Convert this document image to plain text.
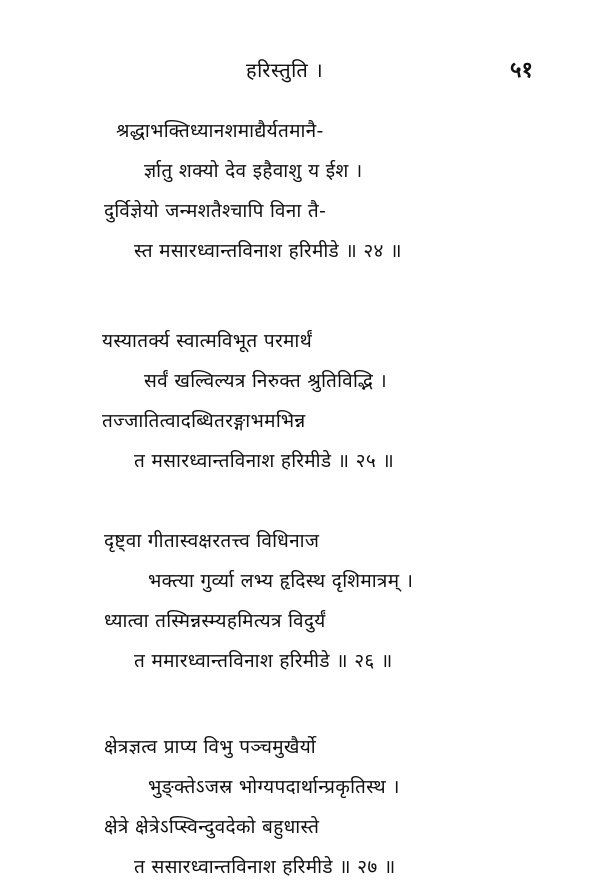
हरिस्तुति ।	५१
श्रद्धाभक्तिध्यानशमाद्यैर्यतमानै-
र्ज्ञातु शक्यो देव इहैवाशु य ईश ।
दुर्विज्ञेयो जन्मशतैश्चापि विना तै-
स्त मसारध्वान्तविनाश हरिमीडे ॥ २४ ॥
यस्यातर्क्य स्वात्मविभूत परमार्थं
सर्वं खल्विल्यत्र निरुक्त श्रुतिविद्भि ।
तज्जातित्वादब्धितरङ्गाभमभिन्न
त मसारध्वान्तविनाश हरिमीडे ॥ २५ ॥
दृष्ट्वा गीतास्वक्षरतत्त्व विधिनाज
भक्त्या गुर्व्या लभ्य हृदिस्थ दृशिमात्रम् ।
ध्यात्वा तस्मिन्नस्म्यहमित्यत्र विदुर्यं
त ममारध्वान्तविनाश हरिमीडे ॥ २६ ॥
क्षेत्रज्ञत्व प्राप्य विभु पञ्चमुखैर्यो
भुङ्क्तेऽजस्र भोग्यपदार्थान्प्रकृतिस्थ ।
क्षेत्रे क्षेत्रेऽप्स्विन्दुवदेको बहुधास्ते
त ससारध्वान्तविनाश हरिमीडे ॥ २७ ॥
